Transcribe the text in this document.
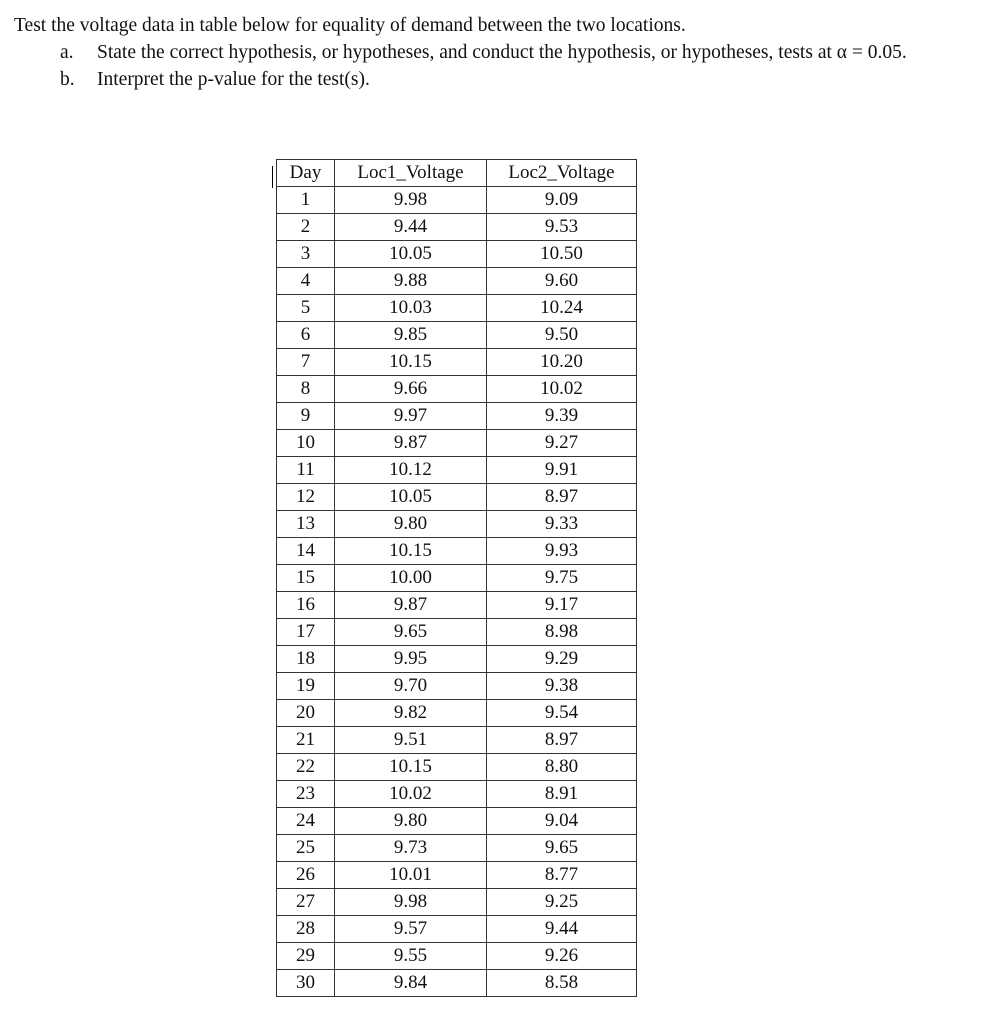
Test the voltage data in table below for equality of demand between the two locations.

a. State the correct hypothesis, or hypotheses, and conduct the hypothesis, or hypotheses, tests at α = 0.05.
b. Interpret the p-value for the test(s).
Day	Loc1_Voltage	Loc2_Voltage
1	9.98	9.09
2	9.44	9.53
3	10.05	10.50
4	9.88	9.60
5	10.03	10.24
6	9.85	9.50
7	10.15	10.20
8	9.66	10.02
9	9.97	9.39
10	9.87	9.27
11	10.12	9.91
12	10.05	8.97
13	9.80	9.33
14	10.15	9.93
15	10.00	9.75
16	9.87	9.17
17	9.65	8.98
18	9.95	9.29
19	9.70	9.38
20	9.82	9.54
21	9.51	8.97
22	10.15	8.80
23	10.02	8.91
24	9.80	9.04
25	9.73	9.65
26	10.01	8.77
27	9.98	9.25
28	9.57	9.44
29	9.55	9.26
30	9.84	8.58
